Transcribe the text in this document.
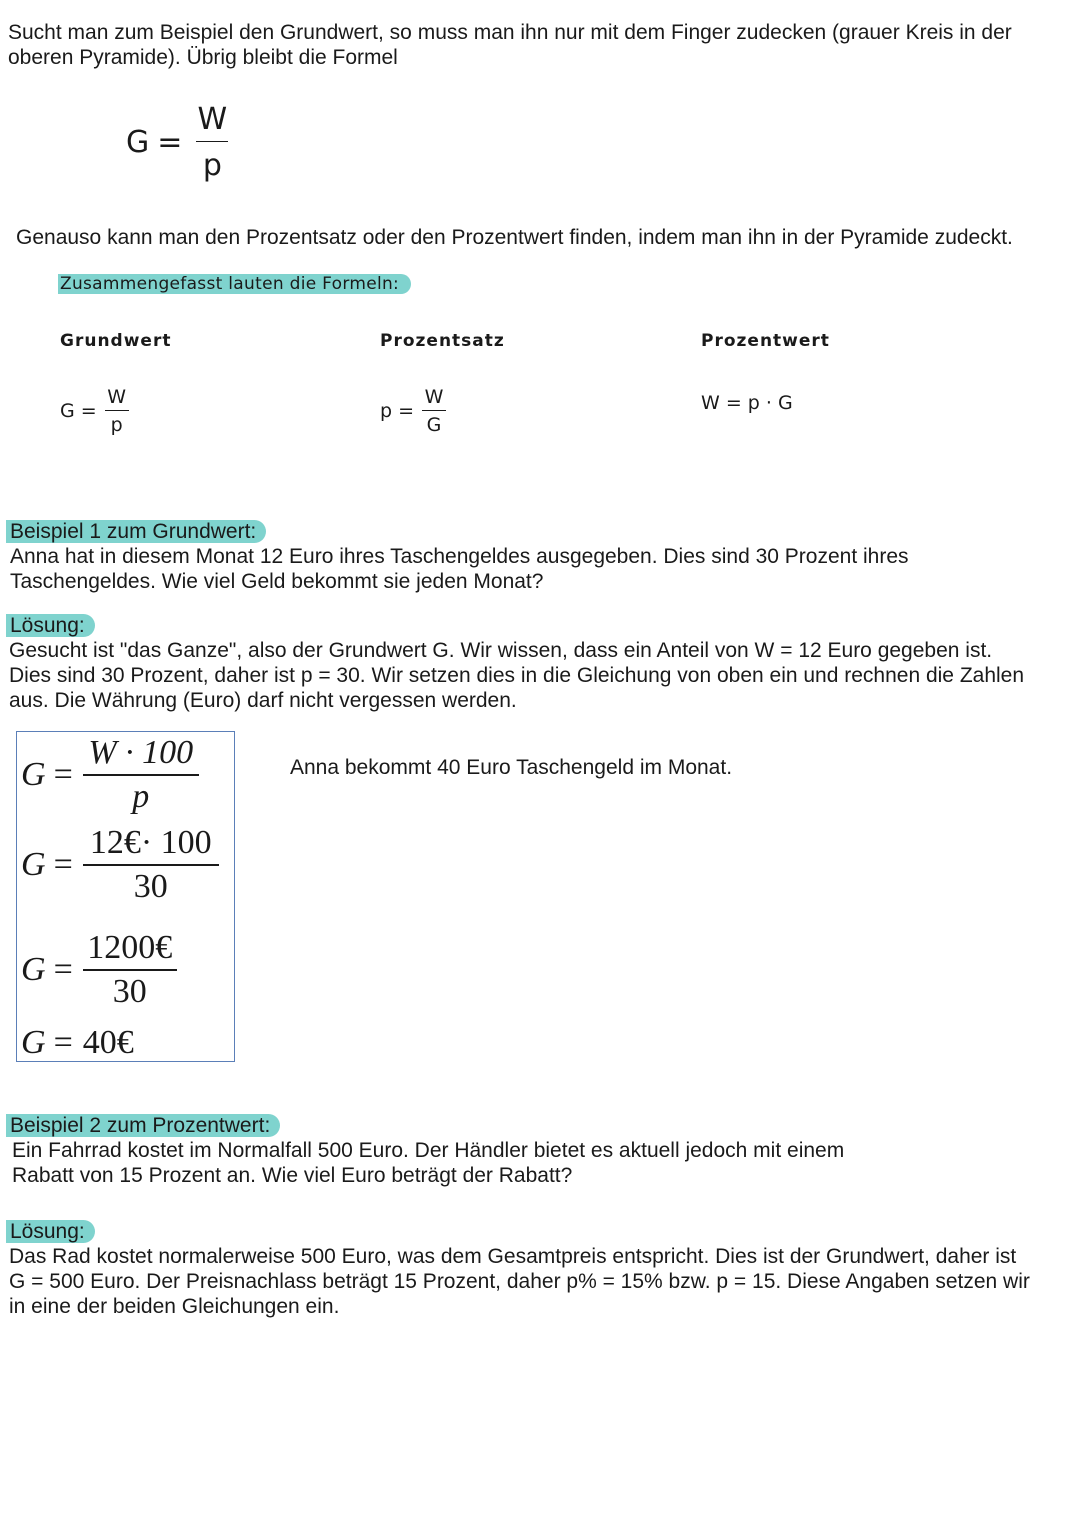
Sucht man zum Beispiel den Grundwert, so muss man ihn nur mit dem Finger zudecken (grauer Kreis in der
oberen Pyramide). Übrig bleibt die Formel
$G = \frac{W}{p}$
Genauso kann man den Prozentsatz oder den Prozentwert finden, indem man ihn in der Pyramide zudeckt.
Zusammengefasst lauten die Formeln:
Grundwert	Prozentsatz	Prozentwert
$G = \frac{W}{p}$	$p = \frac{W}{G}$	W = p · G
Beispiel 1 zum Grundwert:
Anna hat in diesem Monat 12 Euro ihres Taschengeldes ausgegeben. Dies sind 30 Prozent ihres
Taschengeldes. Wie viel Geld bekommt sie jeden Monat?
Lösung:
Gesucht ist "das Ganze", also der Grundwert G. Wir wissen, dass ein Anteil von W = 12 Euro gegeben ist.
Dies sind 30 Prozent, daher ist p = 30. Wir setzen dies in die Gleichung von oben ein und rechnen die Zahlen
aus. Die Währung (Euro) darf nicht vergessen werden.
G =
W · 100
p
G =
12€· 100
30
G =
1200€
30
G = 40€
Anna bekommt 40 Euro Taschengeld im Monat.
Beispiel 2 zum Prozentwert:
Ein Fahrrad kostet im Normalfall 500 Euro. Der Händler bietet es aktuell jedoch mit einem
Rabatt von 15 Prozent an. Wie viel Euro beträgt der Rabatt?
Lösung:
Das Rad kostet normalerweise 500 Euro, was dem Gesamtpreis entspricht. Dies ist der Grundwert, daher ist
G = 500 Euro. Der Preisnachlass beträgt 15 Prozent, daher p% = 15% bzw. p = 15. Diese Angaben setzen wir
in eine der beiden Gleichungen ein.
